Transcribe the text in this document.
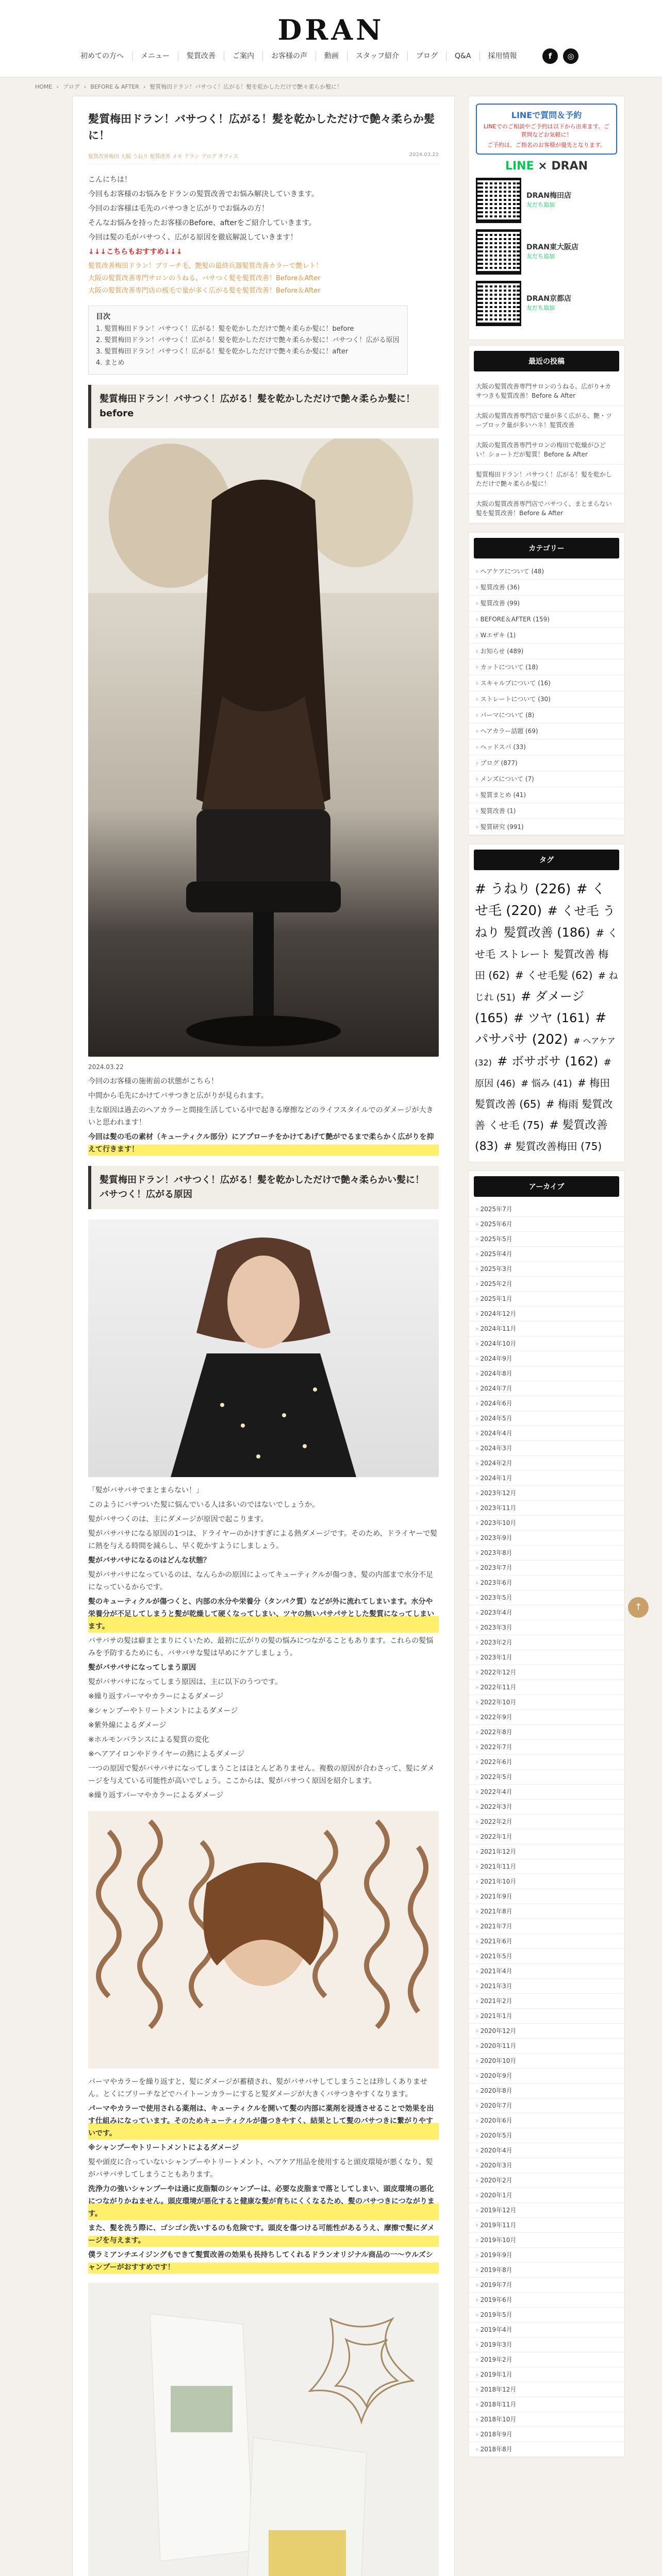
DRAN
初めての方へ	メニュー	髪質改善	ご案内	お客様の声	動画	スタッフ紹介	ブログ	Q&A	採用情報	f	◎
HOME › ブログ › BEFORE & AFTER › 髪質梅田ドラン！バサつく！広がる！髪を乾かしただけで艶々柔らか髪に！
髪質梅田ドラン！バサつく！広がる！髪を乾かしただけで艶々柔らか髪に！
髪質改善梅田 大阪 うねり 髪質改善 メモ ドラン ブログ オフィス	2024.03.22

こんにちは！

今回もお客様のお悩みをドランの髪質改善でお悩み解決していきます。

今回のお客様は毛先のバサつきと広がりでお悩みの方！

そんなお悩みを持ったお客様のBefore、afterをご紹介していきます。

今回は髪の毛がバサつく、広がる原因を徹底解説していきます！

↓↓↓こちらもおすすめ↓↓↓

髪質改善梅田ドラン！ブリーチ毛、艶髪の最終兵器髪質改善カラーで艶レト！
大阪の髪質改善専門サロンのうねる、バサつく髪を髪質改善！Before＆After
大阪の髪質改善専門店の梳毛で量が多く広がる髪を髪質改善！Before＆After
目次
1. 髪質梅田ドラン！バサつく！広がる！髪を乾かしただけで艶々柔らか髪に！before
2. 髪質梅田ドラン！バサつく！広がる！髪を乾かしただけで艶々柔らか髪に！バサつく！広がる原因
3. 髪質梅田ドラン！バサつく！広がる！髪を乾かしただけで艶々柔らか髪に！after
4. まとめ
髪質梅田ドラン！バサつく！広がる！髪を乾かしただけで艶々柔らか髪に！before

2024.03.22

今回のお客様の施術前の状態がこちら！

中間から毛先にかけてバサつきと広がりが見られます。

主な原因は過去のヘアカラーと間接生活している中で起きる摩擦などのライフスタイルでのダメージが大きいと思われます！

今回は髪の毛の素材（キューティクル部分）にアプローチをかけてあげて艶がでるまで柔らかく広がりを抑えて行きます！

髪質梅田ドラン！バサつく！広がる！髪を乾かしただけで艶々柔らかい髪に！バサつく！広がる原因

「髪がバサバサでまとまらない！」

このようにバサついた髪に悩んでいる人は多いのではないでしょうか。

髪がバサつくのは、主にダメージが原因で起こります。

髪がバサバサになる原因の1つは、ドライヤーのかけすぎによる熱ダメージです。そのため、ドライヤーで髪に熱を与える時間を減らし、早く乾かすようにしましょう。

髪がバサバサになるのはどんな状態？

髪がバサバサになっているのは、なんらかの原因によってキューティクルが傷つき、髪の内部まで水分不足になっているからです。

髪のキューティクルが傷つくと、内部の水分や栄養分（タンパク質）などが外に流れてしまいます。水分や栄養分が不足してしまうと髪が乾燥して硬くなってしまい、ツヤの無いパサパサとした髪質になってしまいます。

バサバサの髪は癖まとまりにくいため、最初に広がりの髪の悩みにつながることもあります。これらの髪悩みを予防するためにも、バサバサな髪は早めにケアしましょう。

髪がバサバサになってしまう原因

髪がバサバサになってしまう原因は、主に以下のうつです。

※繰り返すパーマやカラーによるダメージ

※シャンプーやトリートメントによるダメージ

※紫外線によるダメージ

※ホルモンバランスによる髪質の変化

※ヘアアイロンやドライヤーの熱によるダメージ

一つの原因で髪がバサバサになってしまうことはほとんどありません。複数の原因が合わさって、髪にダメージを与えている可能性が高いでしょう。ここからは、髪がバサつく原因を紹介します。

※繰り返すパーマやカラーによるダメージ

パーマやカラーを繰り返すと、髪にダメージが蓄積され、髪がバサバサしてしまうことは珍しくありません。とくにブリーチなどでハイトーンカラーにすると髪ダメージが大きくバサつきやすくなります。

パーマやカラーで使用される薬剤は、キューティクルを開いて髪の内部に薬剤を浸透させることで効果を出す仕組みになっています。そのためキューティクルが傷つきやすく、結果として髪のバサつきに繋がりやすいです。

※シャンプーやトリートメントによるダメージ

髪や頭皮に合っていないシャンプーやトリートメント、ヘアケア用品を使用すると頭皮環境が悪くなり、髪がバサバサしてしまうこともあります。

洗浄力の強いシャンプーやは過に皮脂類のシャンプーは、必要な皮脂まで落としてしまい、頭皮環境の悪化につながりかねません。頭皮環境が悪化すると健康な髪が育ちにくくなるため、髪のバサつきにつながります。

また、髪を洗う際に、ゴシゴシ洗いするのも危険です。頭皮を傷つける可能性があるうえ、摩擦で髪にダメージを与えます。

僕ラミアンチエイジングもできて髪質改善の効果も長持ちしてくれるドランオリジナル商品の一〜ウルズシャンプーがおすすめです！

LINEで質問＆予約
LINEでのご相談やご予約は以下から出来ます。ご質問などお気軽に！
ご予約は、ご指名のお客様が優先となります。
LINE × DRAN
DRAN梅田店
友だち追加
DRAN東大阪店
友だち追加
DRAN京都店
友だち追加
最近の投稿
大阪の髪質改善専門サロンのうねる、広がり+カサつきも髪質改善！Before & After
大阪の髪質改善専門店で量が多く広がる、艶・ツーブロック量が多いハネ！髪質改善
大阪の髪質改善専門サロンの梅田で乾燥がひどい！ショートだが髪質！Before & After
髪質梅田ドラン！バサつく！広がる！髪を乾かしただけで艶々柔らか髪に！
大阪の髪質改善専門店でバサつく、まとまらない髪を髪質改善！Before & After
カテゴリー
› ヘアケアについて (48)
› 髪質改善 (36)
› 髪質改善 (99)
› BEFORE＆AFTER (159)
› Wエザキ (1)
› お知らせ (489)
› カットについて (18)
› スキャルプについて (16)
› ストレートについて (30)
› パーマについて (8)
› ヘアカラー話題 (69)
› ヘッドスパ (33)
› ブログ (877)
› メンズについて (7)
› 髪質まとめ (41)
› 髪質改善 (1)
› 髪質研究 (991)
タグ
# うねり (226) # くせ毛 (220) # くせ毛 うねり 髪質改善 (186) # くせ毛 ストレート 髪質改善 梅田 (62) # くせ毛髪 (62) # ねじれ (51) # ダメージ (165) # ツヤ (161) # パサパサ (202) # ヘアケア (32) # ボサボサ (162) # 原因 (46) # 悩み (41) # 梅田髪質改善 (65) # 梅雨 髪質改善 くせ毛 (75) # 髪質改善 (83) # 髪質改善梅田 (75)
アーカイブ
› 2025年7月
› 2025年6月
› 2025年5月
› 2025年4月
› 2025年3月
› 2025年2月
› 2025年1月
› 2024年12月
› 2024年11月
› 2024年10月
› 2024年9月
› 2024年8月
› 2024年7月
› 2024年6月
› 2024年5月
› 2024年4月
› 2024年3月
› 2024年2月
› 2024年1月
› 2023年12月
› 2023年11月
› 2023年10月
› 2023年9月
› 2023年8月
› 2023年7月
› 2023年6月
› 2023年5月
› 2023年4月
› 2023年3月
› 2023年2月
› 2023年1月
› 2022年12月
› 2022年11月
› 2022年10月
› 2022年9月
› 2022年8月
› 2022年7月
› 2022年6月
› 2022年5月
› 2022年4月
› 2022年3月
› 2022年2月
› 2022年1月
› 2021年12月
› 2021年11月
› 2021年10月
› 2021年9月
› 2021年8月
› 2021年7月
› 2021年6月
› 2021年5月
› 2021年4月
› 2021年3月
› 2021年2月
› 2021年1月
› 2020年12月
› 2020年11月
› 2020年10月
› 2020年9月
› 2020年8月
› 2020年7月
› 2020年6月
› 2020年5月
› 2020年4月
› 2020年3月
› 2020年2月
› 2020年1月
› 2019年12月
› 2019年11月
› 2019年10月
› 2019年9月
› 2019年8月
› 2019年7月
› 2019年6月
› 2019年5月
› 2019年4月
› 2019年3月
› 2019年2月
› 2019年1月
› 2018年12月
› 2018年11月
› 2018年10月
› 2018年9月
› 2018年8月
↑
